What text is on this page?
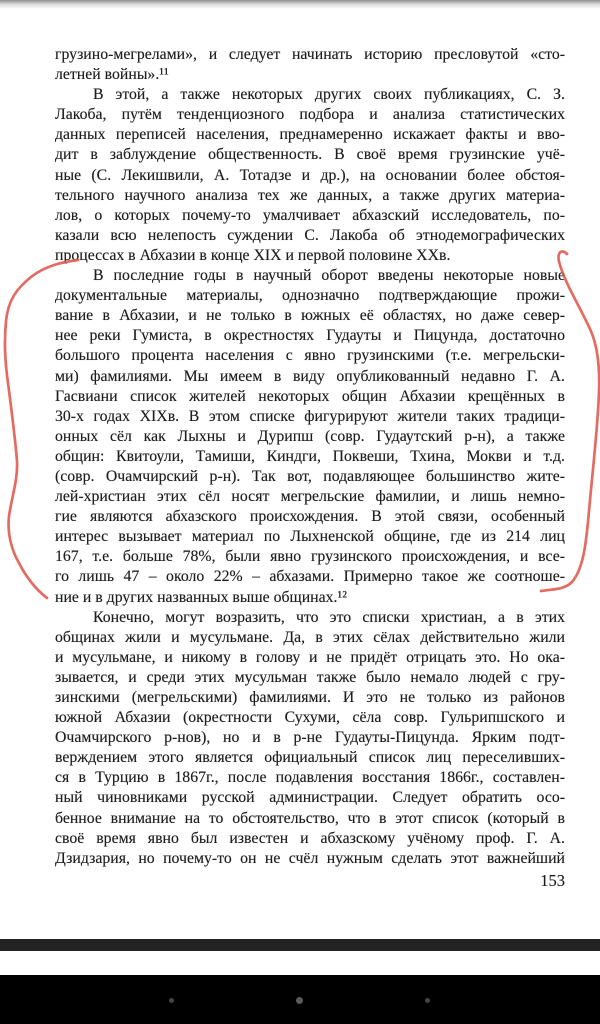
грузино-мегрелами», и следует начинать историю пресловутой «сто-
летней войны».¹¹
В этой, а также некоторых других своих публикациях, С. З.
Лакоба, путём тенденциозного подбора и анализа статистических
данных переписей населения, преднамеренно искажает факты и вво-
дит в заблуждение общественность. В своё время грузинские учё-
ные (С. Лекишвили, А. Тотадзе и др.), на основании более обстоя-
тельного научного анализа тех же данных, а также других материа-
лов, о которых почему-то умалчивает абхазский исследователь, по-
казали всю нелепость суждении С. Лакоба об этнодемографических
процессах в Абхазии в конце XIX и первой половине ХХв.
В последние годы в научный оборот введены некоторые новые
документальные материалы, однозначно подтверждающие прожи-
вание в Абхазии, и не только в южных её областях, но даже север-
нее реки Гумиста, в окрестностях Гудауты и Пицунда, достаточно
большого процента населения с явно грузинскими (т.е. мегрельски-
ми) фамилиями. Мы имеем в виду опубликованный недавно Г. А.
Гасвиани список жителей некоторых общин Абхазии крещённых в
30-х годах XIXв. В этом списке фигурируют жители таких традици-
онных сёл как Лыхны и Дурипш (совр. Гудаутский р-н), а также
общин: Квитоули, Тамиши, Киндги, Поквеши, Тхина, Мокви и т.д.
(совр. Очамчирский р-н). Так вот, подавляющее большинство жите-
лей-христиан этих сёл носят мегрельские фамилии, и лишь немно-
гие являются абхазского происхождения. В этой связи, особенный
интерес вызывает материал по Лыхненской общине, где из 214 лиц
167, т.е. больше 78%, были явно грузинского происхождения, и все-
го лишь 47 – около 22% – абхазами. Примерно такое же соотноше-
ние и в других названных выше общинах.¹²
Конечно, могут возразить, что это списки христиан, а в этих
общинах жили и мусульмане. Да, в этих сёлах действительно жили
и мусульмане, и никому в голову и не придёт отрицать это. Но ока-
зывается, и среди этих мусульман также было немало людей с гру-
зинскими (мегрельскими) фамилиями. И это не только из районов
южной Абхазии (окрестности Сухуми, сёла совр. Гульрипшского и
Очамчирского р-нов), но и в р-не Гудауты-Пицунда. Ярким подт-
верждением этого является официальный список лиц переселивших-
ся в Турцию в 1867г., после подавления восстания 1866г., составлен-
ный чиновниками русской администрации. Следует обратить осо-
бенное внимание на то обстоятельство, что в этот список (который в
своё время явно был известен и абхазскому учёному проф. Г. А.
Дзидзария, но почему-то он не счёл нужным сделать этот важнейший
153
